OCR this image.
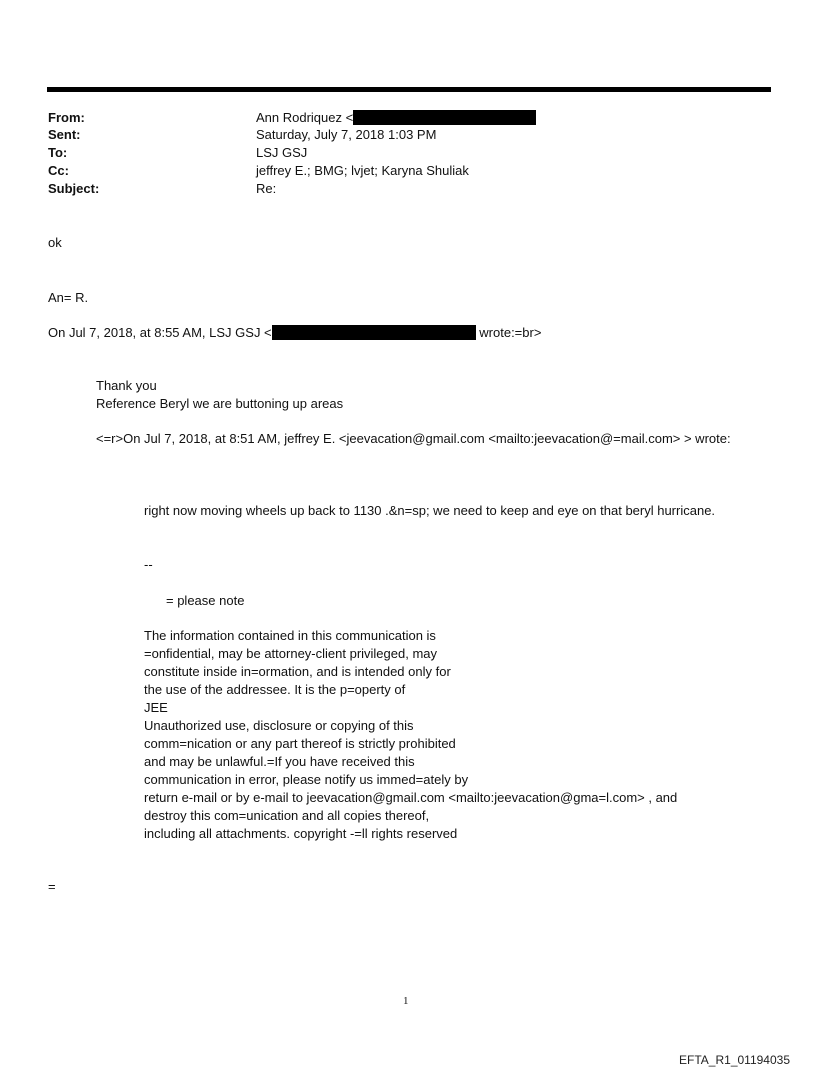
From:	Ann Rodriquez <
Sent:	Saturday, July 7, 2018 1:03 PM
To:	LSJ GSJ
Cc:	jeffrey E.; BMG; lvjet; Karyna Shuliak
Subject:	Re:
ok
An= R.
On Jul 7, 2018, at 8:55 AM, LSJ GSJ <	wrote:=br>
Thank you
Reference Beryl we are buttoning up areas
<=r>On Jul 7, 2018, at 8:51 AM, jeffrey E. <jeevacation@gmail.com <mailto:jeevacation@=mail.com> > wrote:
right now moving wheels up back to 1130 .&n=sp; we need to keep and eye on that beryl hurricane.
--
= please note
The information contained in this communication is
=onfidential, may be attorney-client privileged, may
constitute inside in=ormation, and is intended only for
the use of the addressee. It is the p=operty of
JEE
Unauthorized use, disclosure or copying of this
comm=nication or any part thereof is strictly prohibited
and may be unlawful.=If you have received this
communication in error, please notify us immed=ately by
return e-mail or by e-mail to jeevacation@gmail.com <mailto:jeevacation@gma=l.com> , and
destroy this com=unication and all copies thereof,
including all attachments. copyright -=ll rights reserved
=
1
EFTA_R1_01194035
